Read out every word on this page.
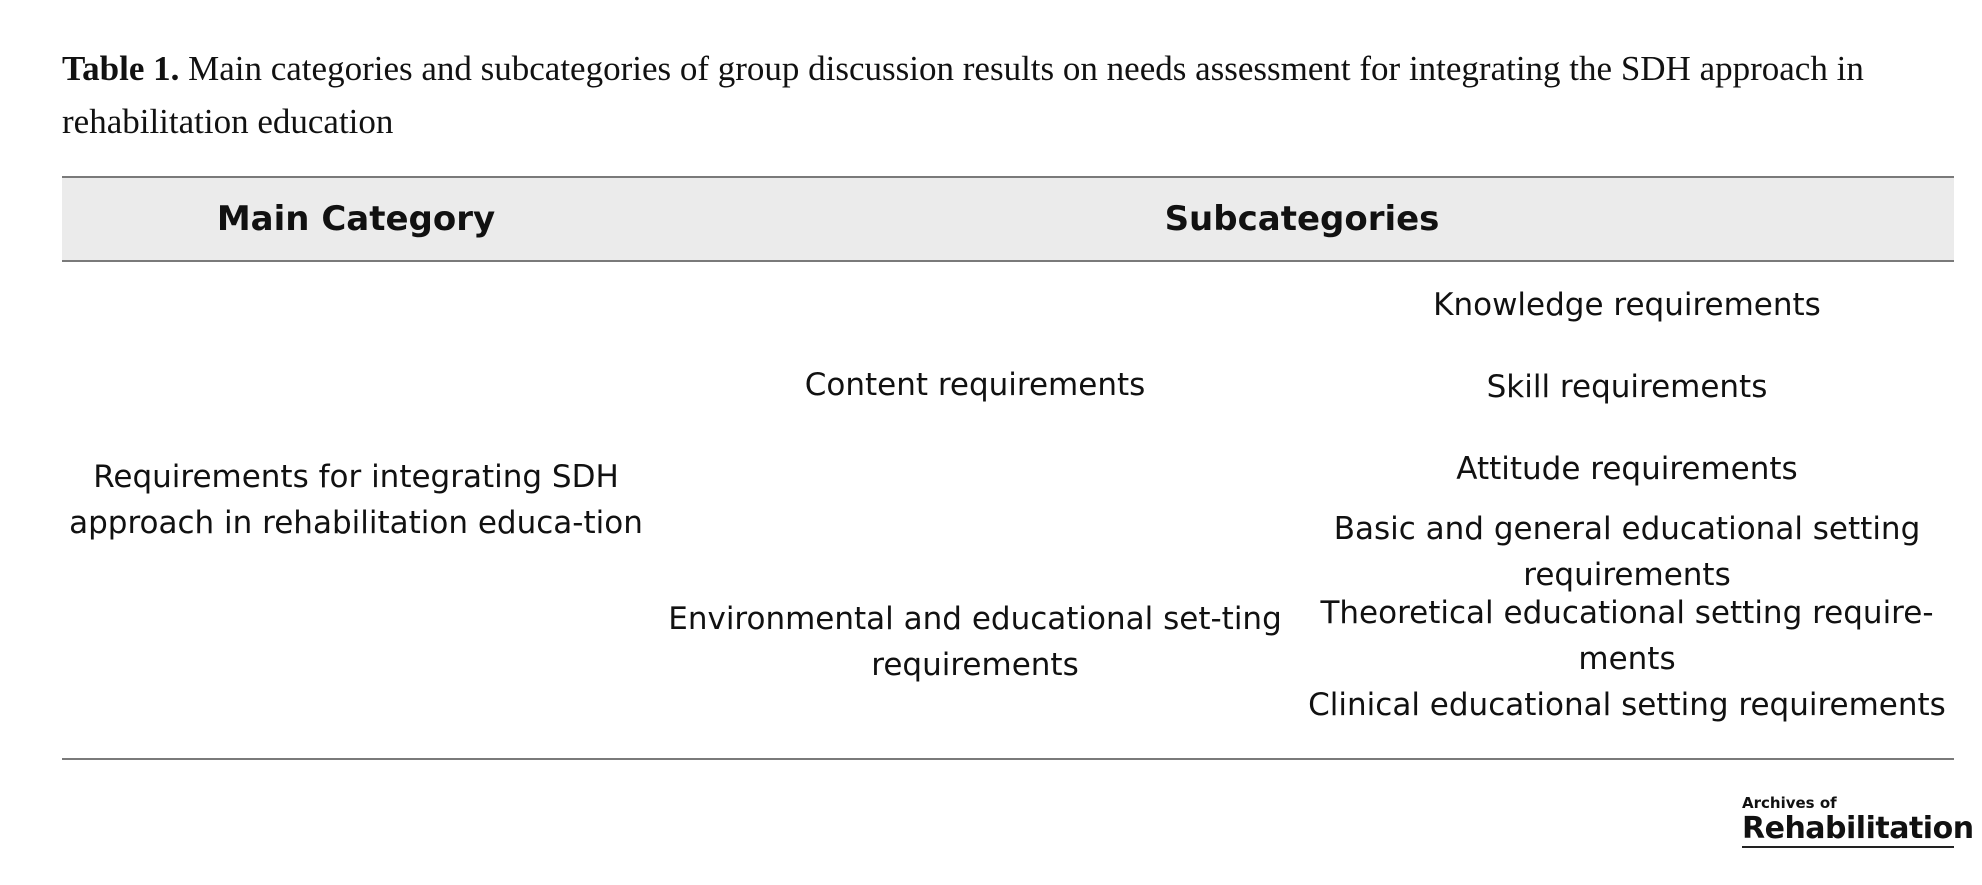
Table 1. Main categories and subcategories of group discussion results on needs assessment for integrating the SDH approach in rehabilitation education
Main Category	Subcategories
Requirements for integrating SDH approach in rehabilitation educa-tion
Content requirements
Environmental and educational set-ting requirements
Knowledge requirements
Skill requirements
Attitude requirements
Basic and general educational setting requirements
Theoretical educational setting require-ments
Clinical educational setting requirements
Archives of
Rehabilitation
